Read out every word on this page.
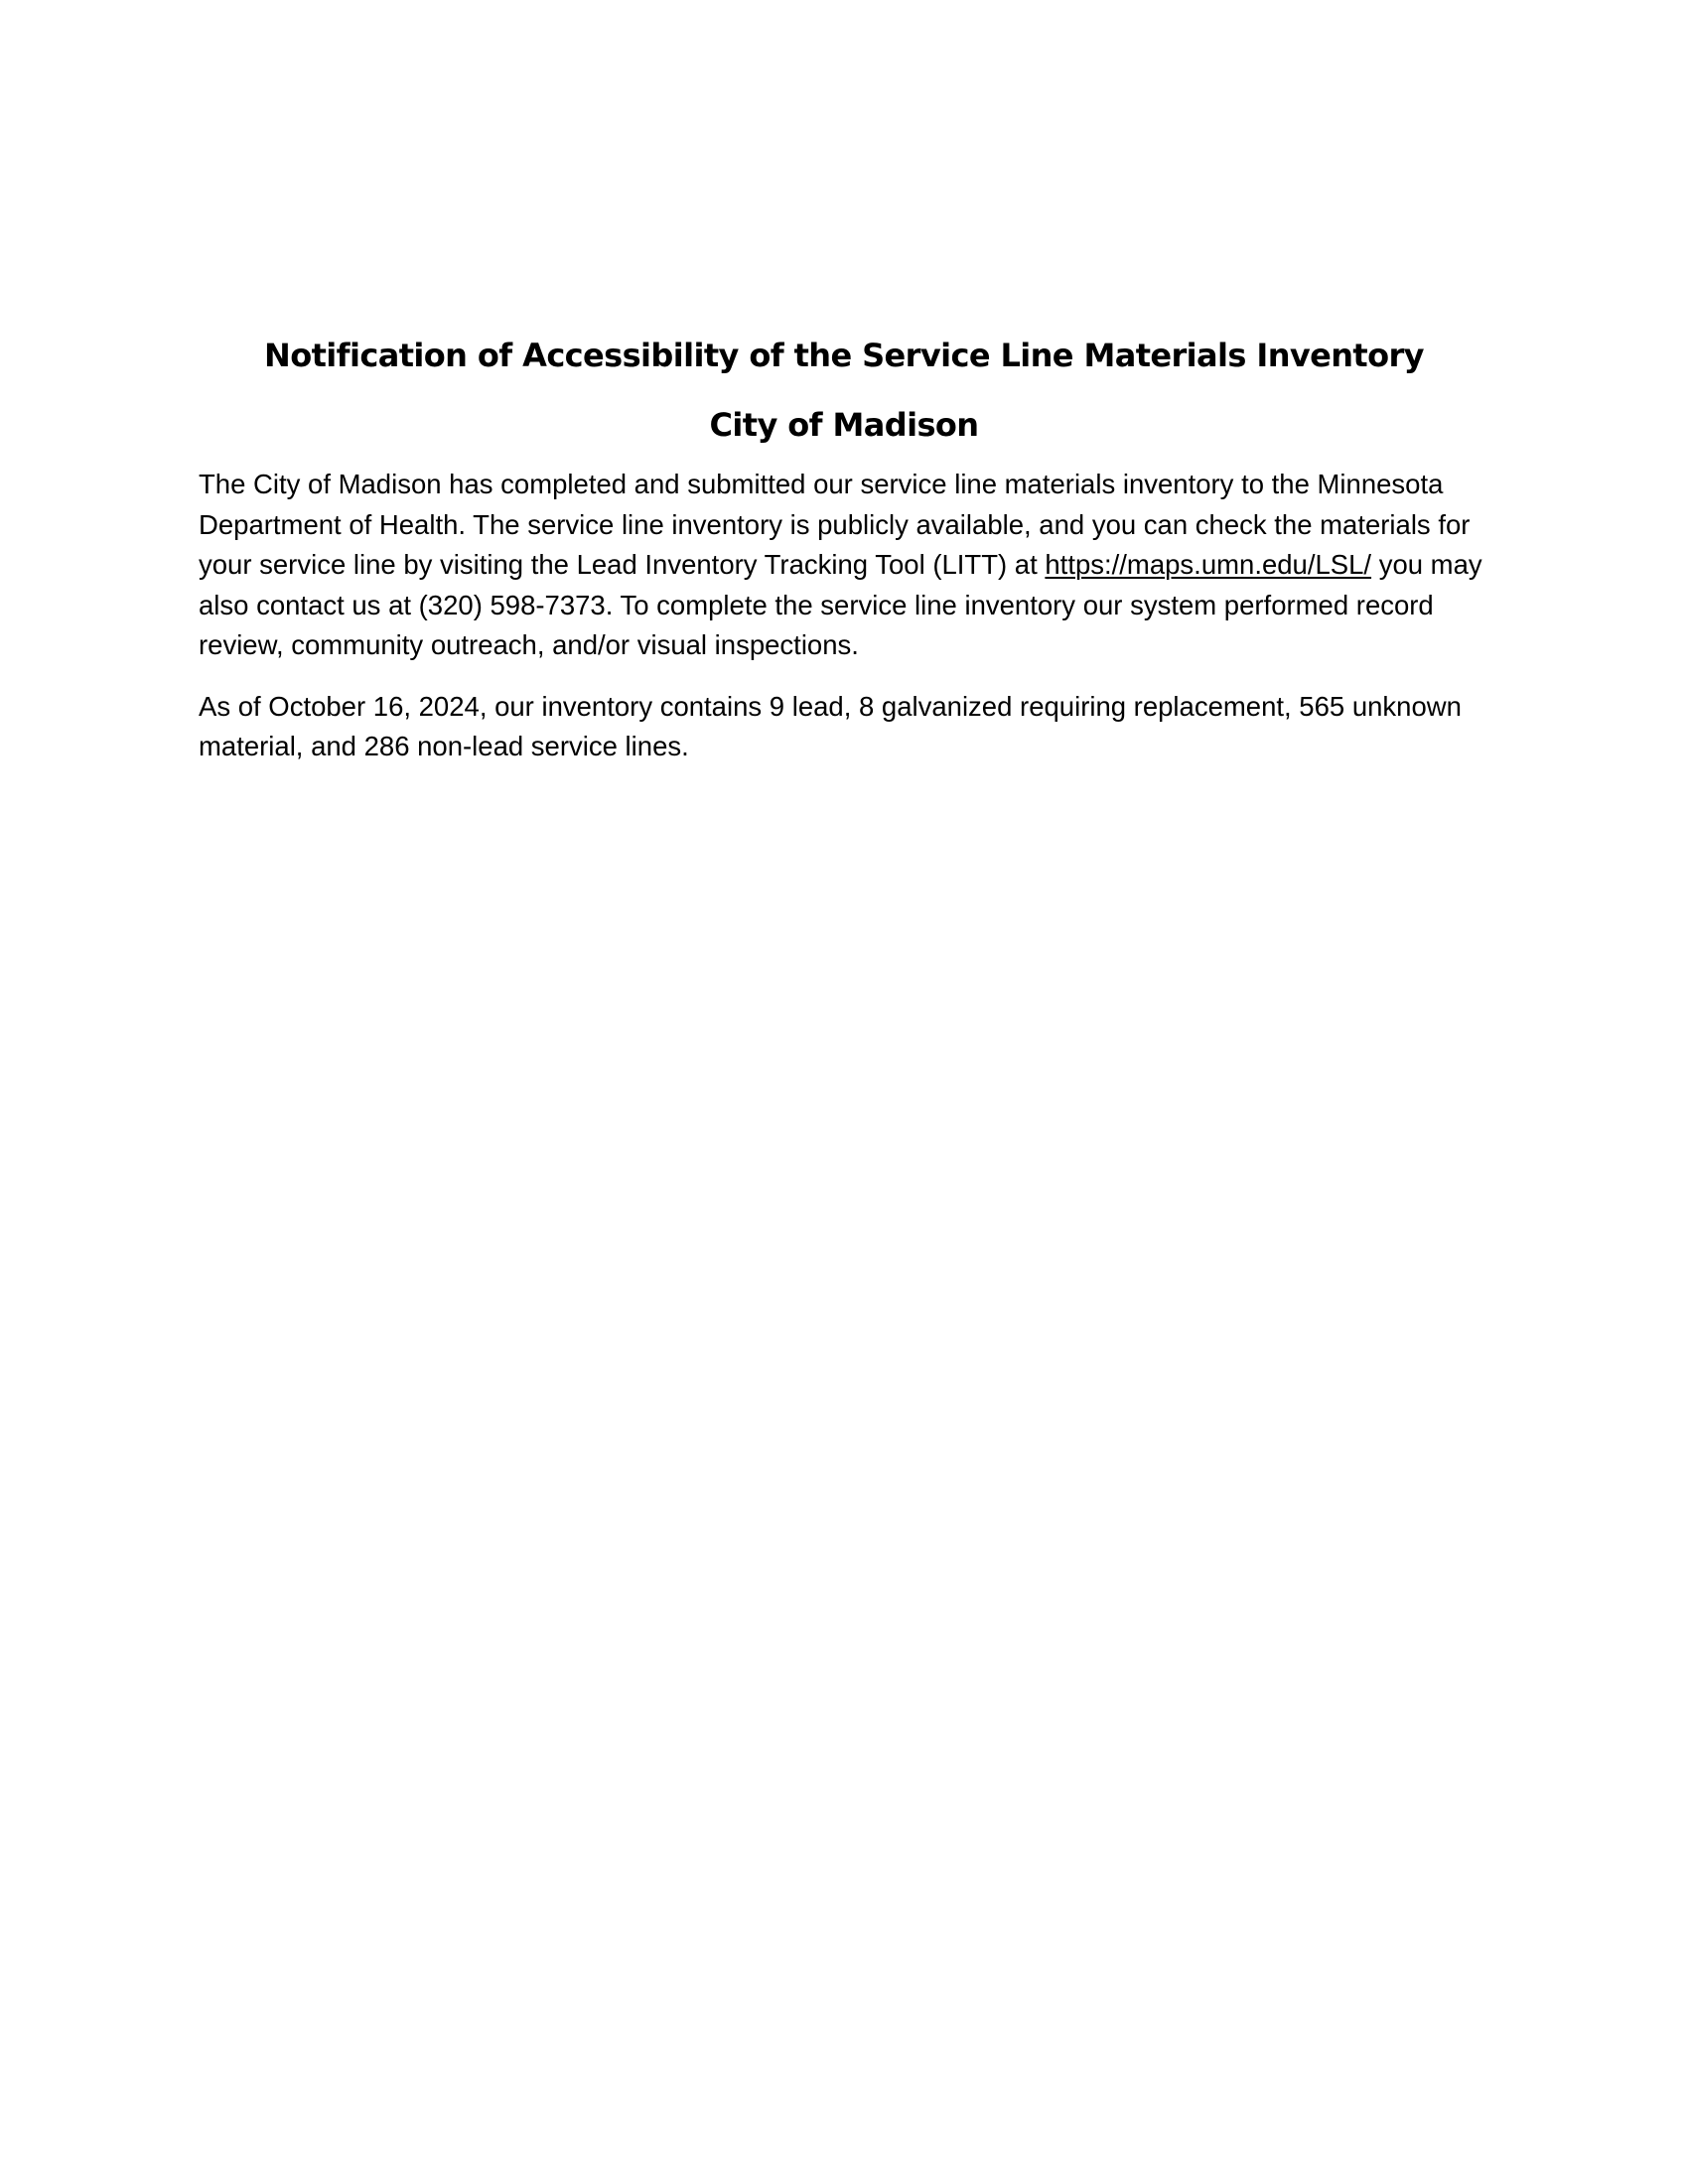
Notification of Accessibility of the Service Line Materials Inventory
City of Madison

The City of Madison has completed and submitted our service line materials inventory to the Minnesota Department of Health. The service line inventory is publicly available, and you can check the materials for your service line by visiting the Lead Inventory Tracking Tool (LITT) at https://maps.umn.edu/LSL/ you may also contact us at (320) 598-7373. To complete the service line inventory our system performed record review, community outreach, and/or visual inspections.

As of October 16, 2024, our inventory contains 9 lead, 8 galvanized requiring replacement, 565 unknown material, and 286 non-lead service lines.
